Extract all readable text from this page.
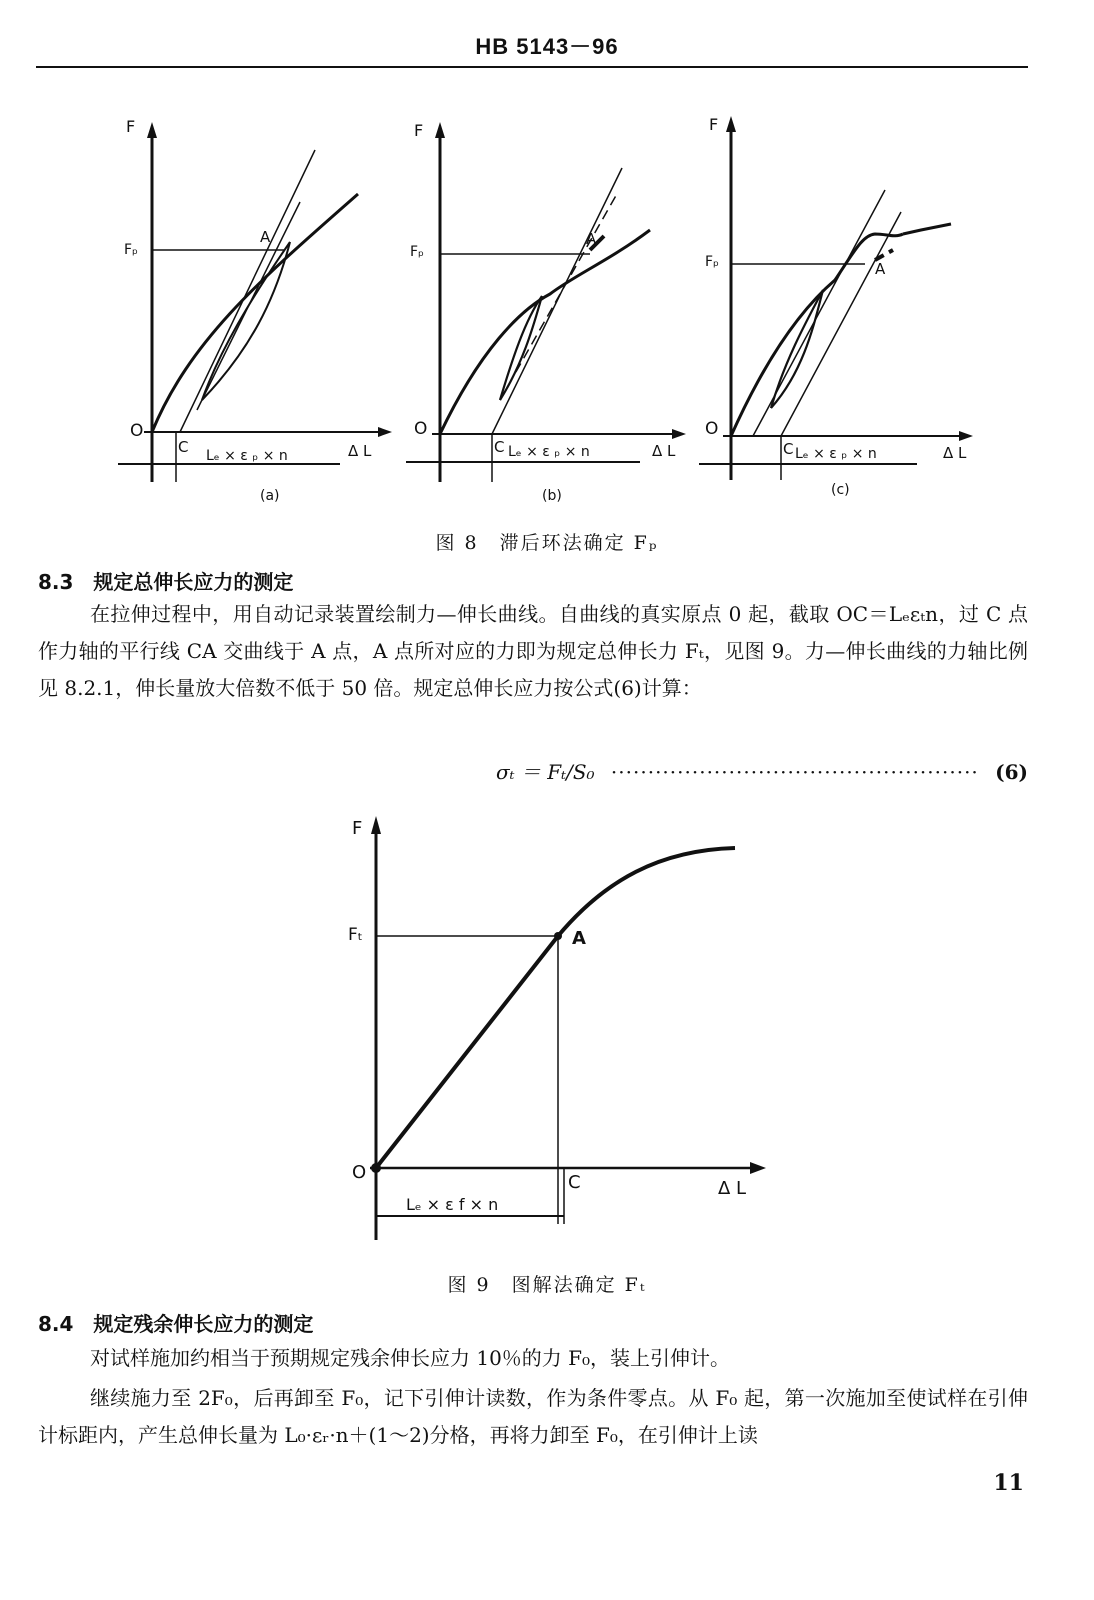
HB 5143－96
F
Fₚ
A
O
C Lₑ × ε ₚ × n	Δ L
(a)
F
Fₚ
A
O
C Lₑ × ε ₚ × n	Δ L
(b)
F
Fₚ	A
O
C Lₑ × ε ₚ × n	Δ L
(c)
图 8　滞后环法确定 Fₚ
8.3　规定总伸长应力的测定
在拉伸过程中，用自动记录装置绘制力—伸长曲线。自曲线的真实原点 0 起，截取 OC＝Lₑεₜn，过 C 点作力轴的平行线 CA 交曲线于 A 点，A 点所对应的力即为规定总伸长力 Fₜ，见图 9。力—伸长曲线的力轴比例见 8.2.1，伸长量放大倍数不低于 50 倍。规定总伸长应力按公式(6)计算：
σₜ ＝ Fₜ/S₀ ·················································· (6)
F
Fₜ	A
O	C
Lₑ × ε f × n
Δ L
图 9　图解法确定 Fₜ
8.4　规定残余伸长应力的测定
对试样施加约相当于预期规定残余伸长应力 10％的力 F₀，装上引伸计。
继续施力至 2F₀，后再卸至 F₀，记下引伸计读数，作为条件零点。从 F₀ 起，第一次施加至使试样在引伸计标距内，产生总伸长量为 L₀·εᵣ·n＋(1～2)分格，再将力卸至 F₀，在引伸计上读
11
